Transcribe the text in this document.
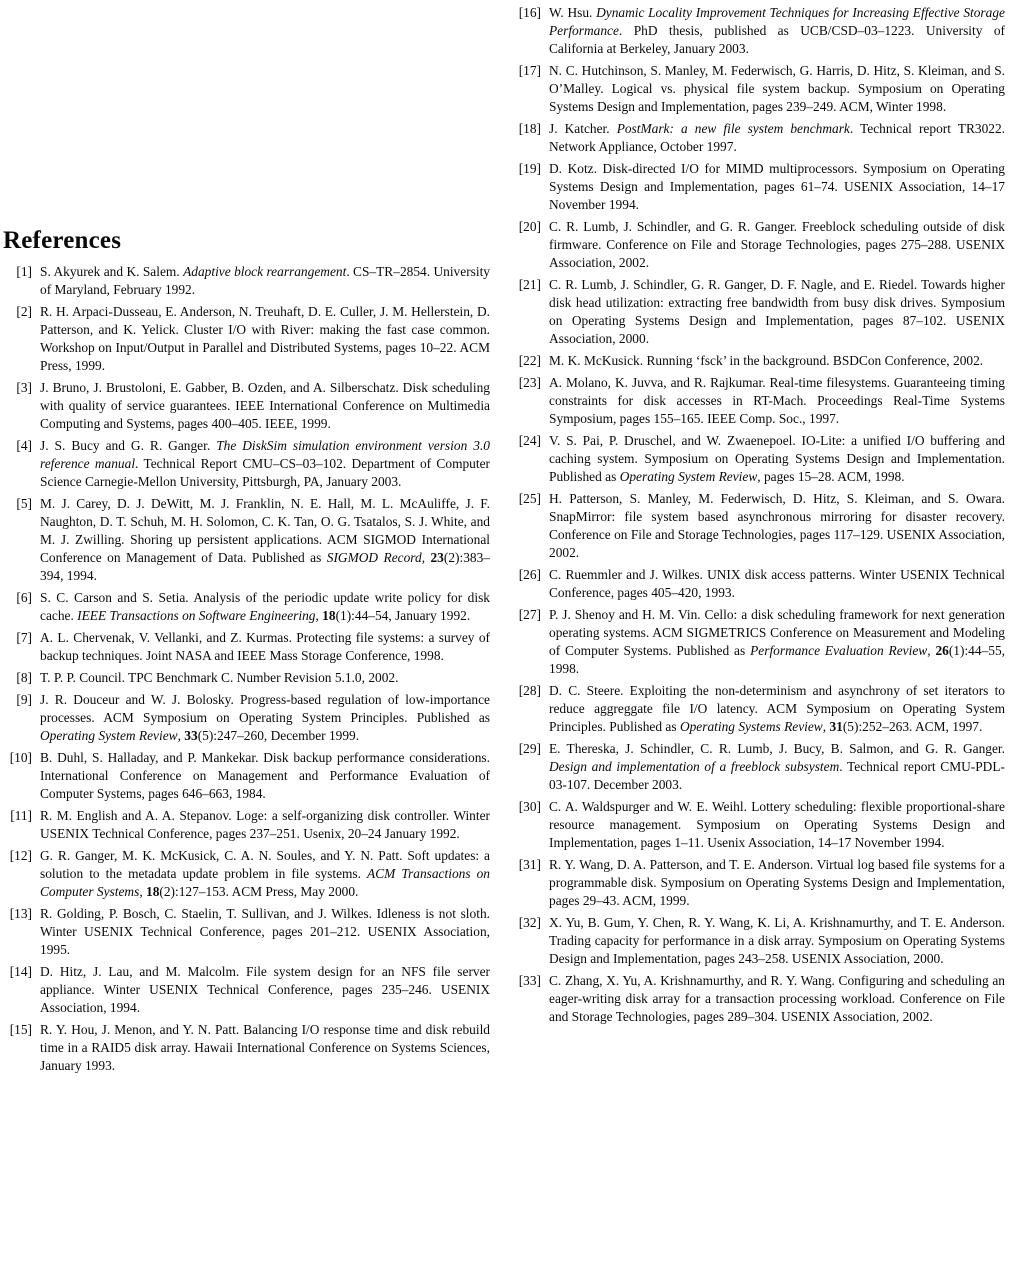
References
[1] S. Akyurek and K. Salem. Adaptive block rearrangement. CS–TR–2854. University of Maryland, February 1992.
[2] R. H. Arpaci-Dusseau, E. Anderson, N. Treuhaft, D. E. Culler, J. M. Hellerstein, D. Patterson, and K. Yelick. Cluster I/O with River: making the fast case common. Workshop on Input/Output in Parallel and Distributed Systems, pages 10–22. ACM Press, 1999.
[3] J. Bruno, J. Brustoloni, E. Gabber, B. Ozden, and A. Silberschatz. Disk scheduling with quality of service guarantees. IEEE International Conference on Multimedia Computing and Systems, pages 400–405. IEEE, 1999.
[4] J. S. Bucy and G. R. Ganger. The DiskSim simulation environment version 3.0 reference manual. Technical Report CMU–CS–03–102. Department of Computer Science Carnegie-Mellon University, Pittsburgh, PA, January 2003.
[5] M. J. Carey, D. J. DeWitt, M. J. Franklin, N. E. Hall, M. L. McAuliffe, J. F. Naughton, D. T. Schuh, M. H. Solomon, C. K. Tan, O. G. Tsatalos, S. J. White, and M. J. Zwilling. Shoring up persistent applications. ACM SIGMOD International Conference on Management of Data. Published as SIGMOD Record, 23(2):383–394, 1994.
[6] S. C. Carson and S. Setia. Analysis of the periodic update write policy for disk cache. IEEE Transactions on Software Engineering, 18(1):44–54, January 1992.
[7] A. L. Chervenak, V. Vellanki, and Z. Kurmas. Protecting file systems: a survey of backup techniques. Joint NASA and IEEE Mass Storage Conference, 1998.
[8] T. P. P. Council. TPC Benchmark C. Number Revision 5.1.0, 2002.
[9] J. R. Douceur and W. J. Bolosky. Progress-based regulation of low-importance processes. ACM Symposium on Operating System Principles. Published as Operating System Review, 33(5):247–260, December 1999.
[10] B. Duhl, S. Halladay, and P. Mankekar. Disk backup performance considerations. International Conference on Management and Performance Evaluation of Computer Systems, pages 646–663, 1984.
[11] R. M. English and A. A. Stepanov. Loge: a self-organizing disk controller. Winter USENIX Technical Conference, pages 237–251. Usenix, 20–24 January 1992.
[12] G. R. Ganger, M. K. McKusick, C. A. N. Soules, and Y. N. Patt. Soft updates: a solution to the metadata update problem in file systems. ACM Transactions on Computer Systems, 18(2):127–153. ACM Press, May 2000.
[13] R. Golding, P. Bosch, C. Staelin, T. Sullivan, and J. Wilkes. Idleness is not sloth. Winter USENIX Technical Conference, pages 201–212. USENIX Association, 1995.
[14] D. Hitz, J. Lau, and M. Malcolm. File system design for an NFS file server appliance. Winter USENIX Technical Conference, pages 235–246. USENIX Association, 1994.
[15] R. Y. Hou, J. Menon, and Y. N. Patt. Balancing I/O response time and disk rebuild time in a RAID5 disk array. Hawaii International Conference on Systems Sciences, January 1993.
[16] W. Hsu. Dynamic Locality Improvement Techniques for Increasing Effective Storage Performance. PhD thesis, published as UCB/CSD–03–1223. University of California at Berkeley, January 2003.
[17] N. C. Hutchinson, S. Manley, M. Federwisch, G. Harris, D. Hitz, S. Kleiman, and S. O’Malley. Logical vs. physical file system backup. Symposium on Operating Systems Design and Implementation, pages 239–249. ACM, Winter 1998.
[18] J. Katcher. PostMark: a new file system benchmark. Technical report TR3022. Network Appliance, October 1997.
[19] D. Kotz. Disk-directed I/O for MIMD multiprocessors. Symposium on Operating Systems Design and Implementation, pages 61–74. USENIX Association, 14–17 November 1994.
[20] C. R. Lumb, J. Schindler, and G. R. Ganger. Freeblock scheduling outside of disk firmware. Conference on File and Storage Technologies, pages 275–288. USENIX Association, 2002.
[21] C. R. Lumb, J. Schindler, G. R. Ganger, D. F. Nagle, and E. Riedel. Towards higher disk head utilization: extracting free bandwidth from busy disk drives. Symposium on Operating Systems Design and Implementation, pages 87–102. USENIX Association, 2000.
[22] M. K. McKusick. Running ‘fsck’ in the background. BSDCon Conference, 2002.
[23] A. Molano, K. Juvva, and R. Rajkumar. Real-time filesystems. Guaranteeing timing constraints for disk accesses in RT-Mach. Proceedings Real-Time Systems Symposium, pages 155–165. IEEE Comp. Soc., 1997.
[24] V. S. Pai, P. Druschel, and W. Zwaenepoel. IO-Lite: a unified I/O buffering and caching system. Symposium on Operating Systems Design and Implementation. Published as Operating System Review, pages 15–28. ACM, 1998.
[25] H. Patterson, S. Manley, M. Federwisch, D. Hitz, S. Kleiman, and S. Owara. SnapMirror: file system based asynchronous mirroring for disaster recovery. Conference on File and Storage Technologies, pages 117–129. USENIX Association, 2002.
[26] C. Ruemmler and J. Wilkes. UNIX disk access patterns. Winter USENIX Technical Conference, pages 405–420, 1993.
[27] P. J. Shenoy and H. M. Vin. Cello: a disk scheduling framework for next generation operating systems. ACM SIGMETRICS Conference on Measurement and Modeling of Computer Systems. Published as Performance Evaluation Review, 26(1):44–55, 1998.
[28] D. C. Steere. Exploiting the non-determinism and asynchrony of set iterators to reduce aggreggate file I/O latency. ACM Symposium on Operating System Principles. Published as Operating Systems Review, 31(5):252–263. ACM, 1997.
[29] E. Thereska, J. Schindler, C. R. Lumb, J. Bucy, B. Salmon, and G. R. Ganger. Design and implementation of a freeblock subsystem. Technical report CMU-PDL-03-107. December 2003.
[30] C. A. Waldspurger and W. E. Weihl. Lottery scheduling: flexible proportional-share resource management. Symposium on Operating Systems Design and Implementation, pages 1–11. Usenix Association, 14–17 November 1994.
[31] R. Y. Wang, D. A. Patterson, and T. E. Anderson. Virtual log based file systems for a programmable disk. Symposium on Operating Systems Design and Implementation, pages 29–43. ACM, 1999.
[32] X. Yu, B. Gum, Y. Chen, R. Y. Wang, K. Li, A. Krishnamurthy, and T. E. Anderson. Trading capacity for performance in a disk array. Symposium on Operating Systems Design and Implementation, pages 243–258. USENIX Association, 2000.
[33] C. Zhang, X. Yu, A. Krishnamurthy, and R. Y. Wang. Configuring and scheduling an eager-writing disk array for a transaction processing workload. Conference on File and Storage Technologies, pages 289–304. USENIX Association, 2002.
